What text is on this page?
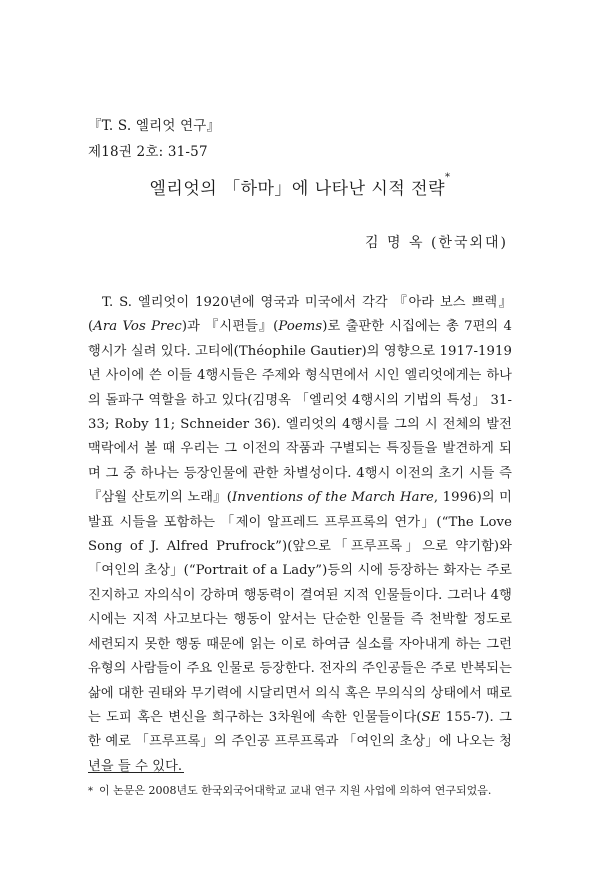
『T. S. 엘리엇 연구』
제18권 2호: 31-57
엘리엇의 「하마」에 나타난 시적 전략*
김 명 옥 (한국외대)

T. S. 엘리엇이 1920년에 영국과 미국에서 각각 『아라 보스 쁘렉』(Ara Vos Prec)과 『시편들』(Poems)로 출판한 시집에는 총 7편의 4행시가 실려 있다. 고티에(Théophile Gautier)의 영향으로 1917-1919년 사이에 쓴 이들 4행시들은 주제와 형식면에서 시인 엘리엇에게는 하나의 돌파구 역할을 하고 있다(김명옥 「엘리엇 4행시의 기법의 특성」 31-33; Roby 11; Schneider 36). 엘리엇의 4행시를 그의 시 전체의 발전 맥락에서 볼 때 우리는 그 이전의 작품과 구별되는 특징들을 발견하게 되며 그 중 하나는 등장인물에 관한 차별성이다. 4행시 이전의 초기 시들 즉 『삼월 산토끼의 노래』(Inventions of the March Hare, 1996)의 미발표 시들을 포함하는 「제이 알프레드 프루프록의 연가」(“The Love Song of J. Alfred Prufrock”)(앞으로「프루프록」으로 약기함)와 「여인의 초상」(“Portrait of a Lady”)등의 시에 등장하는 화자는 주로 진지하고 자의식이 강하며 행동력이 결여된 지적 인물들이다. 그러나 4행시에는 지적 사고보다는 행동이 앞서는 단순한 인물들 즉 천박할 정도로 세련되지 못한 행동 때문에 읽는 이로 하여금 실소를 자아내게 하는 그런 유형의 사람들이 주요 인물로 등장한다. 전자의 주인공들은 주로 반복되는 삶에 대한 권태와 무기력에 시달리면서 의식 혹은 무의식의 상태에서 때로는 도피 혹은 변신을 희구하는 3차원에 속한 인물들이다(SE 155-7). 그 한 예로 「프루프록」의 주인공 프루프록과 「여인의 초상」에 나오는 청년을 들 수 있다.

* 이 논문은 2008년도 한국외국어대학교 교내 연구 지원 사업에 의하여 연구되었음.
